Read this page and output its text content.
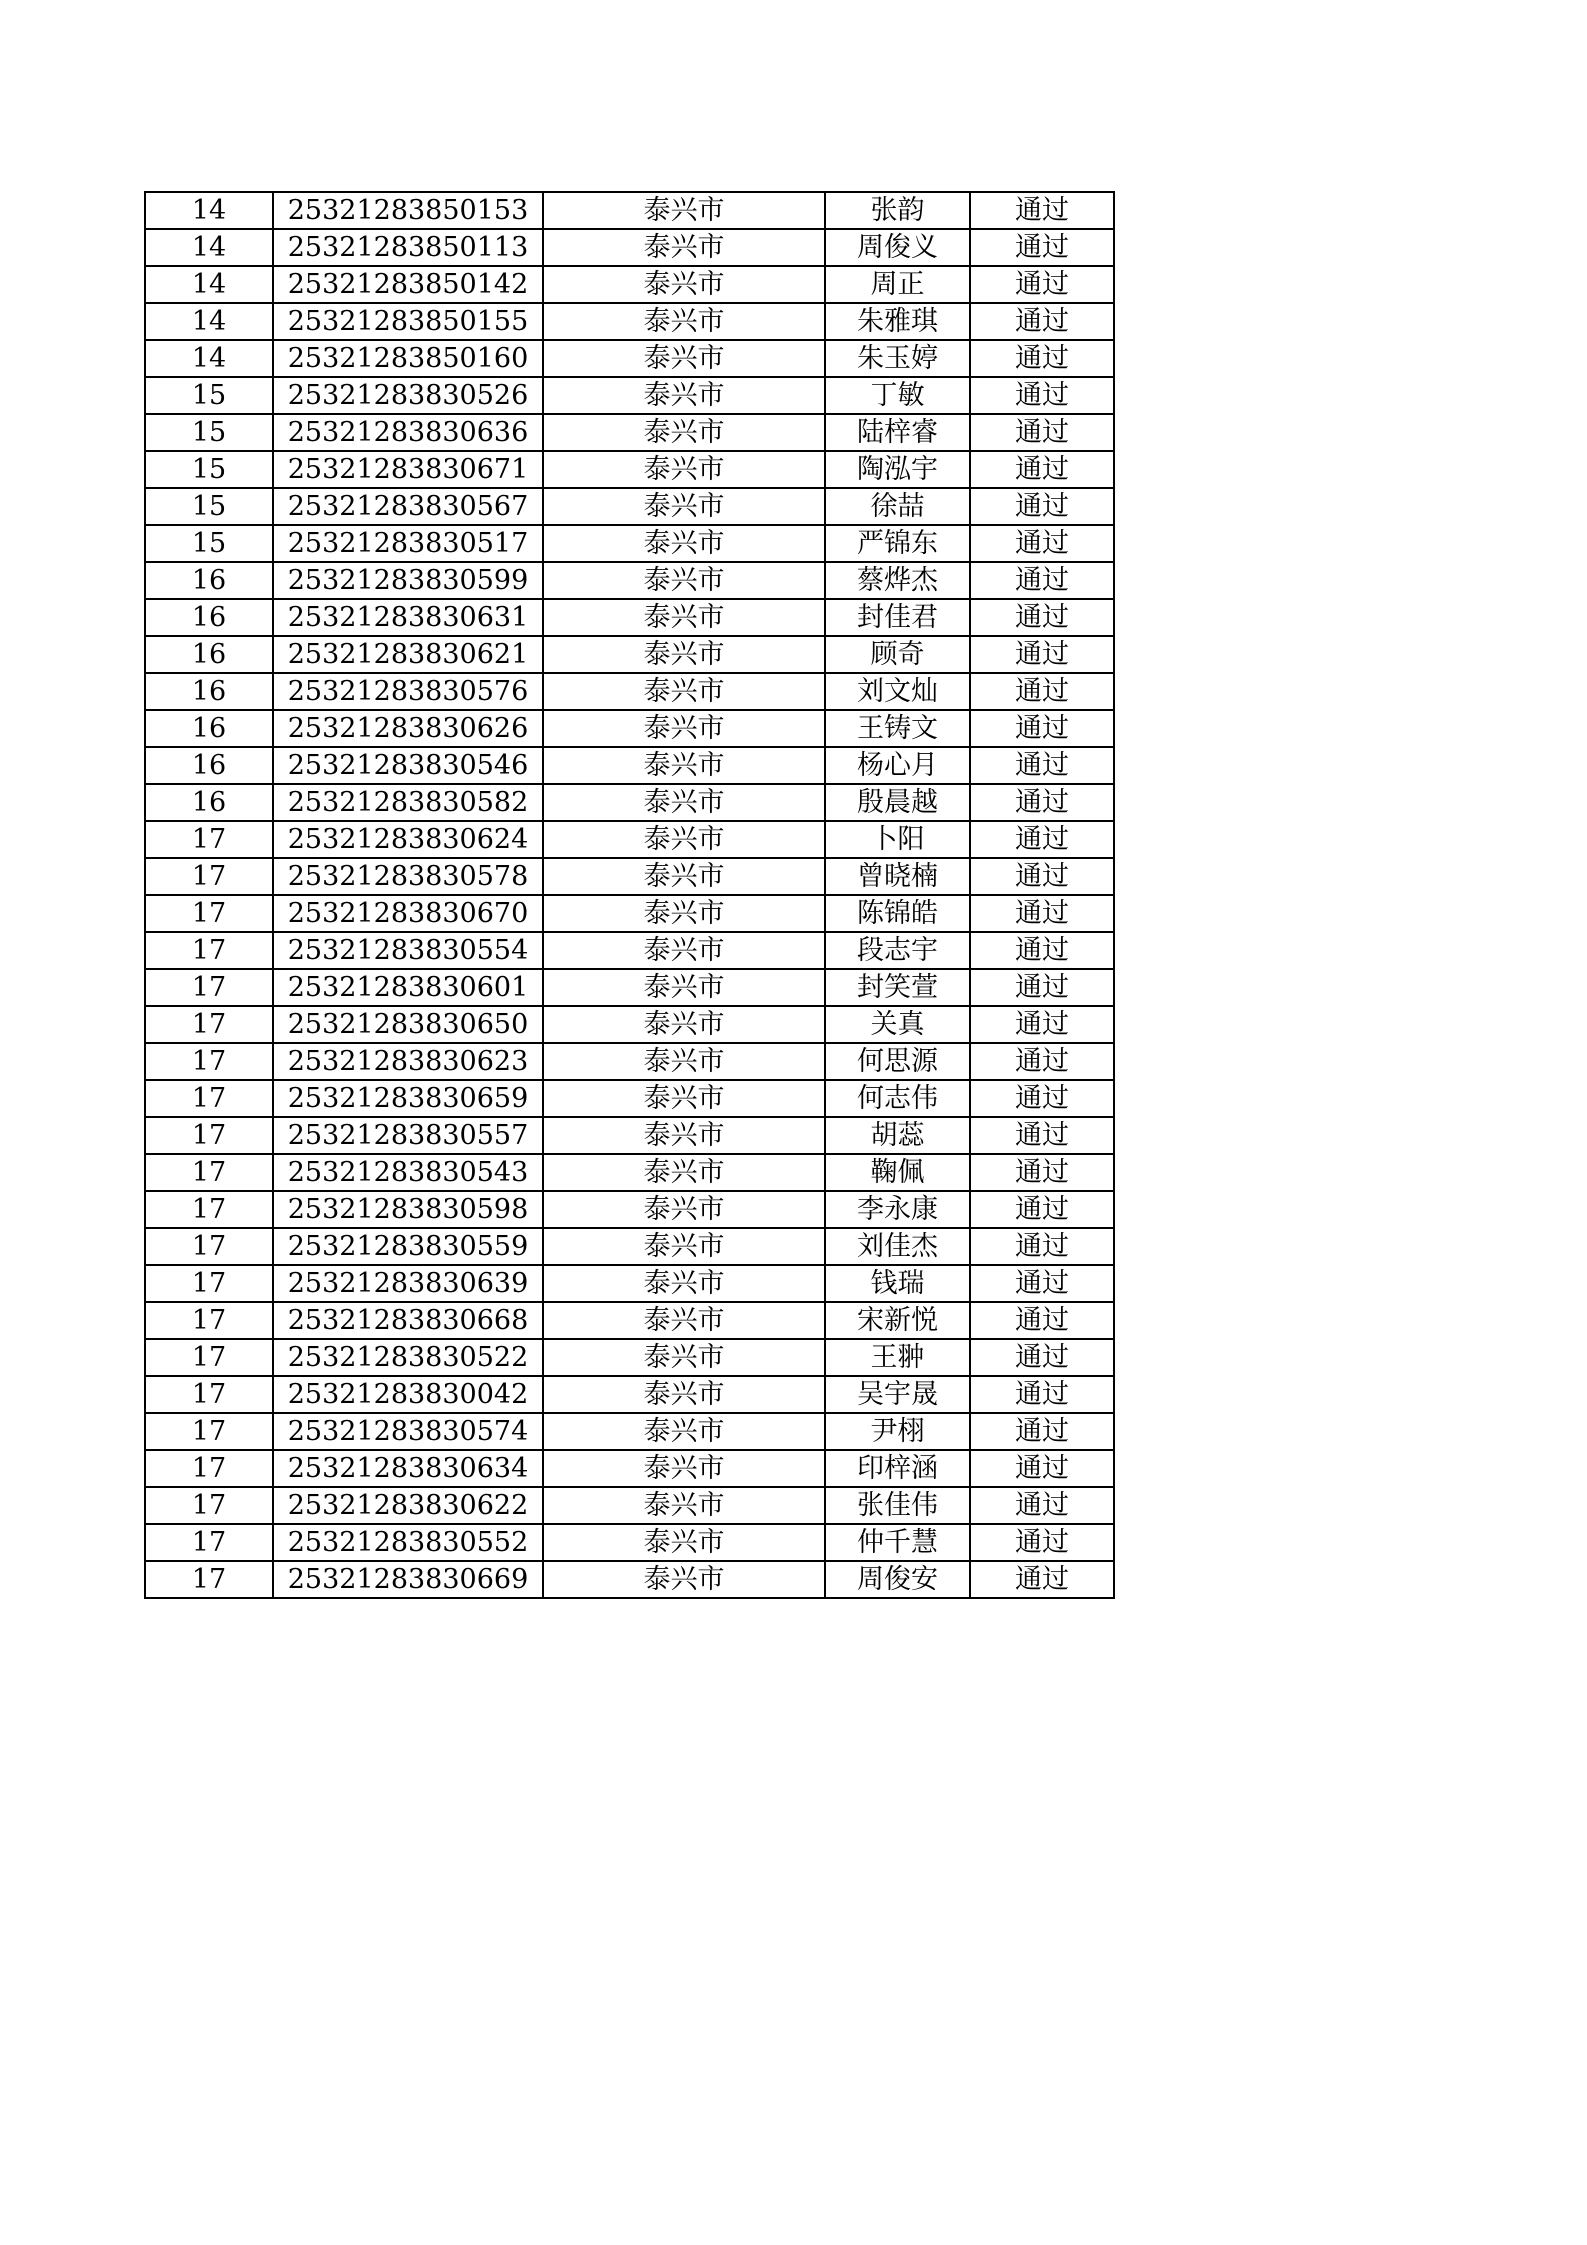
14	25321283850153	泰兴市	张韵	通过
14	25321283850113	泰兴市	周俊义	通过
14	25321283850142	泰兴市	周正	通过
14	25321283850155	泰兴市	朱雅琪	通过
14	25321283850160	泰兴市	朱玉婷	通过
15	25321283830526	泰兴市	丁敏	通过
15	25321283830636	泰兴市	陆梓睿	通过
15	25321283830671	泰兴市	陶泓宇	通过
15	25321283830567	泰兴市	徐喆	通过
15	25321283830517	泰兴市	严锦东	通过
16	25321283830599	泰兴市	蔡烨杰	通过
16	25321283830631	泰兴市	封佳君	通过
16	25321283830621	泰兴市	顾奇	通过
16	25321283830576	泰兴市	刘文灿	通过
16	25321283830626	泰兴市	王铸文	通过
16	25321283830546	泰兴市	杨心月	通过
16	25321283830582	泰兴市	殷晨越	通过
17	25321283830624	泰兴市	卜阳	通过
17	25321283830578	泰兴市	曾晓楠	通过
17	25321283830670	泰兴市	陈锦皓	通过
17	25321283830554	泰兴市	段志宇	通过
17	25321283830601	泰兴市	封笑萱	通过
17	25321283830650	泰兴市	关真	通过
17	25321283830623	泰兴市	何思源	通过
17	25321283830659	泰兴市	何志伟	通过
17	25321283830557	泰兴市	胡蕊	通过
17	25321283830543	泰兴市	鞠佩	通过
17	25321283830598	泰兴市	李永康	通过
17	25321283830559	泰兴市	刘佳杰	通过
17	25321283830639	泰兴市	钱瑞	通过
17	25321283830668	泰兴市	宋新悦	通过
17	25321283830522	泰兴市	王翀	通过
17	25321283830042	泰兴市	吴宇晟	通过
17	25321283830574	泰兴市	尹栩	通过
17	25321283830634	泰兴市	印梓涵	通过
17	25321283830622	泰兴市	张佳伟	通过
17	25321283830552	泰兴市	仲千慧	通过
17	25321283830669	泰兴市	周俊安	通过
